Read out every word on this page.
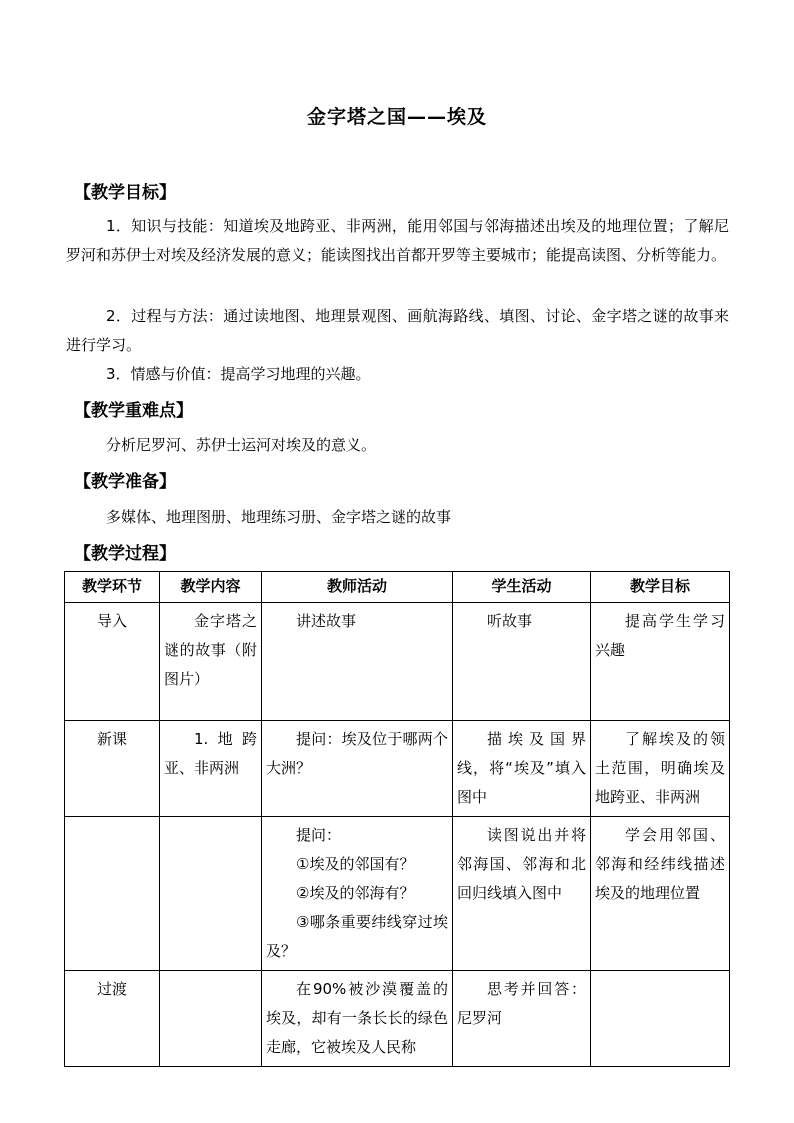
金字塔之国——埃及
【教学目标】
1．知识与技能：知道埃及地跨亚、非两洲，能用邻国与邻海描述出埃及的地理位置；了解尼罗河和苏伊士对埃及经济发展的意义；能读图找出首都开罗等主要城市；能提高读图、分析等能力。
2．过程与方法：通过读地图、地理景观图、画航海路线、填图、讨论、金字塔之谜的故事来进行学习。
3．情感与价值：提高学习地理的兴趣。
【教学重难点】
分析尼罗河、苏伊士运河对埃及的意义。
【教学准备】
多媒体、地理图册、地理练习册、金字塔之谜的故事
【教学过程】
教学环节	教学内容	教师活动	学生活动	教学目标
导入	金字塔之谜的故事（附图片）	讲述故事	听故事	提高学生学习兴趣

新课	1.地跨亚、非两洲	提问：埃及位于哪两个大洲？	描埃及国界线，将“埃及”填入图中	了解埃及的领土范围，明确埃及地跨亚、非两洲

		提问：
①埃及的邻国有？
②埃及的邻海有？
③哪条重要纬线穿过埃及？	读图说出并将邻海国、邻海和北回归线填入图中	学会用邻国、邻海和经纬线描述埃及的地理位置

过渡		在90%被沙漠覆盖的埃及，却有一条长长的绿色走廊，它被埃及人民称	思考并回答：尼罗河	
